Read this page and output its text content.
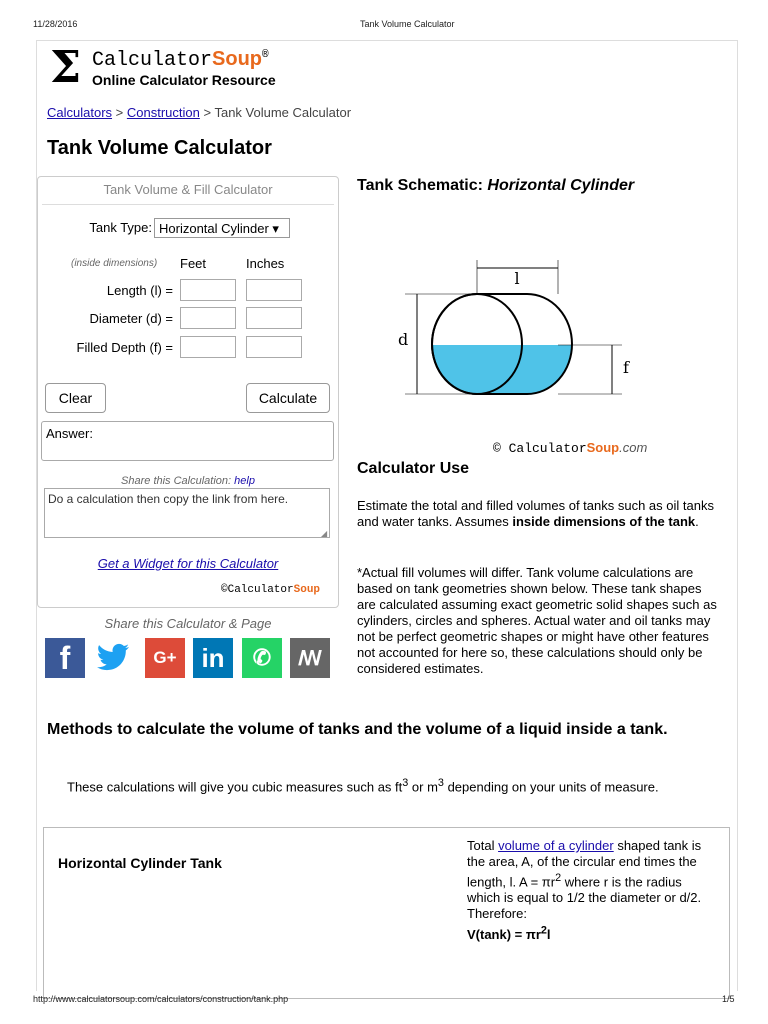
11/28/2016	Tank Volume Calculator
Σ CalculatorSoup®
Online Calculator Resource
Calculators > Construction > Tank Volume Calculator
Tank Volume Calculator
Tank Volume & Fill Calculator
Tank Type: Horizontal Cylinder ▾
(inside dimensions) Feet	Inches
Length (l) =
Diameter (d) =
Filled Depth (f) =
Clear	Calculate
Answer:
Share this Calculation: help
Do a calculation then copy the link from here.
◢
Get a Widget for this Calculator
©CalculatorSoup
Share this Calculator & Page
f	G+ in	✆	ꟿ
Tank Schematic: Horizontal Cylinder
l
d
f
© CalculatorSoup.com
Calculator Use
Estimate the total and filled volumes of tanks such as oil tanks and water tanks. Assumes inside dimensions of the tank.
*Actual fill volumes will differ. Tank volume calculations are based on tank geometries shown below. These tank shapes are calculated assuming exact geometric solid shapes such as cylinders, circles and spheres. Actual water and oil tanks may not be perfect geometric shapes or might have other features not accounted for here so, these calculations should only be considered estimates.
Methods to calculate the volume of tanks and the volume of a liquid inside a tank.
These calculations will give you cubic measures such as $ft^3$ or $m^3$ depending on your units of measure.
Horizontal Cylinder Tank
Total volume of a cylinder shaped tank is the area, A, of the circular end times the length, l. $A = \pi r^2$ where r is the radius which is equal to 1/2 the diameter or d/2. Therefore:
$V(\tan k) = \pi r^2l$
http://www.calculatorsoup.com/calculators/construction/tank.php	1/5
